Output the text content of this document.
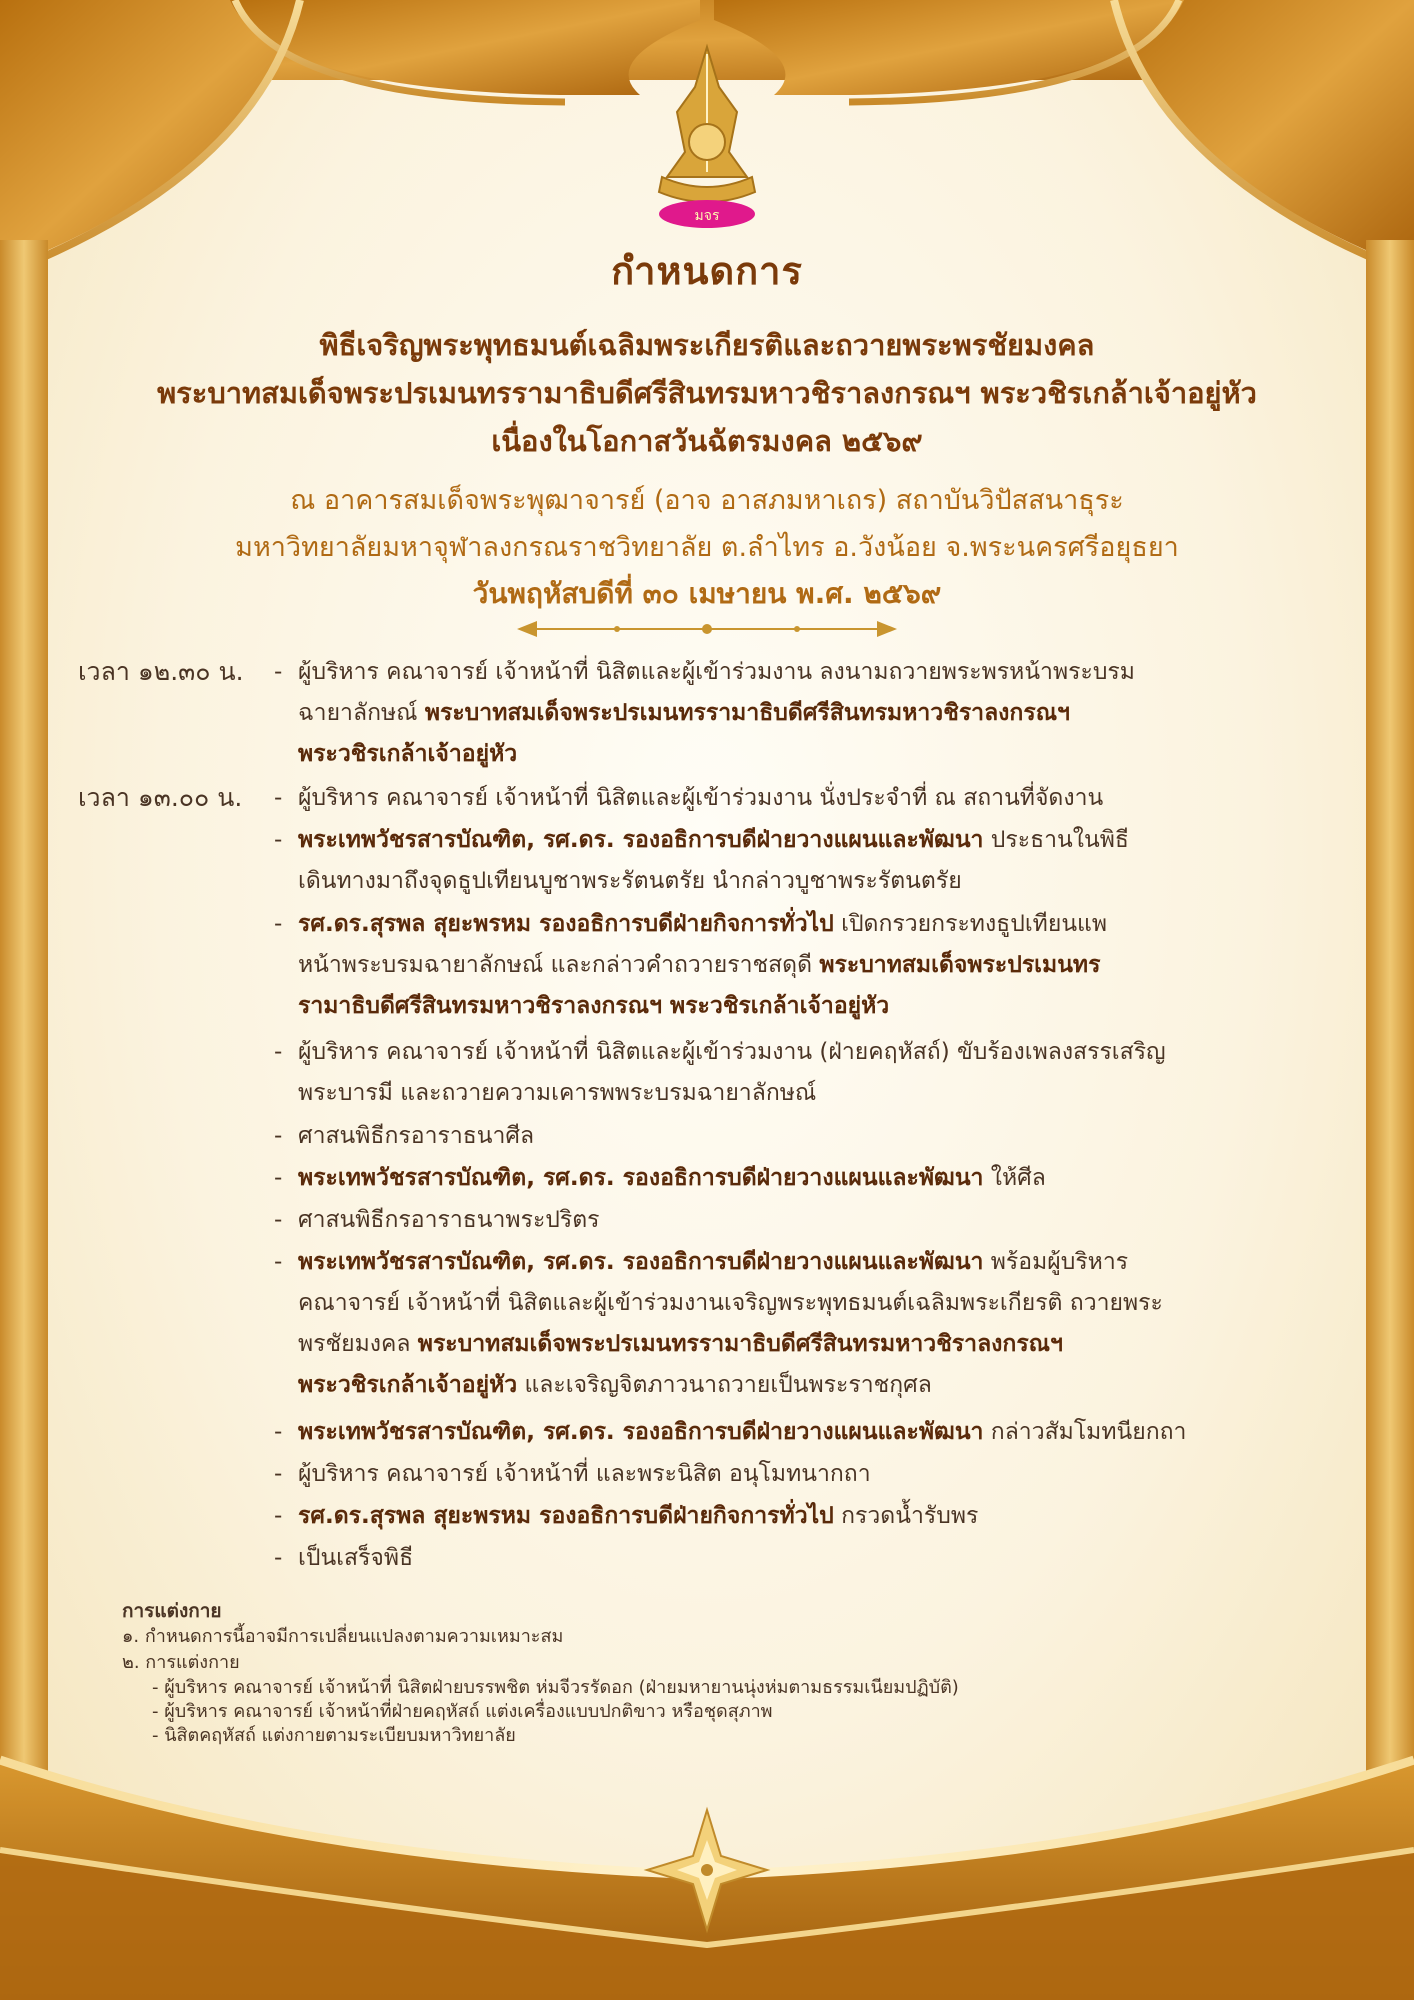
มจร
กำหนดการ
พิธีเจริญพระพุทธมนต์เฉลิมพระเกียรติและถวายพระพรชัยมงคล
พระบาทสมเด็จพระปรเมนทรรามาธิบดีศรีสินทรมหาวชิราลงกรณฯ พระวชิรเกล้าเจ้าอยู่หัว
เนื่องในโอกาสวันฉัตรมงคล ๒๕๖๙
ณ อาคารสมเด็จพระพุฒาจารย์ (อาจ อาสภมหาเถร) สถาบันวิปัสสนาธุระ
มหาวิทยาลัยมหาจุฬาลงกรณราชวิทยาลัย ต.ลำไทร อ.วังน้อย จ.พระนครศรีอยุธยา
วันพฤหัสบดีที่ ๓๐ เมษายน พ.ศ. ๒๕๖๙
เวลา ๑๒.๓๐ น.	- ผู้บริหาร คณาจารย์ เจ้าหน้าที่ นิสิตและผู้เข้าร่วมงาน ลงนามถวายพระพรหน้าพระบรม
ฉายาลักษณ์ พระบาทสมเด็จพระปรเมนทรรามาธิบดีศรีสินทรมหาวชิราลงกรณฯ
พระวชิรเกล้าเจ้าอยู่หัว
เวลา ๑๓.๐๐ น.	- ผู้บริหาร คณาจารย์ เจ้าหน้าที่ นิสิตและผู้เข้าร่วมงาน นั่งประจำที่ ณ สถานที่จัดงาน
- พระเทพวัชรสารบัณฑิต, รศ.ดร. รองอธิการบดีฝ่ายวางแผนและพัฒนา ประธานในพิธี
เดินทางมาถึงจุดธูปเทียนบูชาพระรัตนตรัย นำกล่าวบูชาพระรัตนตรัย
- รศ.ดร.สุรพล สุยะพรหม รองอธิการบดีฝ่ายกิจการทั่วไป เปิดกรวยกระทงธูปเทียนแพ
หน้าพระบรมฉายาลักษณ์ และกล่าวคำถวายราชสดุดี พระบาทสมเด็จพระปรเมนทร
รามาธิบดีศรีสินทรมหาวชิราลงกรณฯ พระวชิรเกล้าเจ้าอยู่หัว
- ผู้บริหาร คณาจารย์ เจ้าหน้าที่ นิสิตและผู้เข้าร่วมงาน (ฝ่ายคฤหัสถ์) ขับร้องเพลงสรรเสริญ
พระบารมี และถวายความเคารพพระบรมฉายาลักษณ์
- ศาสนพิธีกรอาราธนาศีล
- พระเทพวัชรสารบัณฑิต, รศ.ดร. รองอธิการบดีฝ่ายวางแผนและพัฒนา ให้ศีล
- ศาสนพิธีกรอาราธนาพระปริตร
- พระเทพวัชรสารบัณฑิต, รศ.ดร. รองอธิการบดีฝ่ายวางแผนและพัฒนา พร้อมผู้บริหาร
คณาจารย์ เจ้าหน้าที่ นิสิตและผู้เข้าร่วมงานเจริญพระพุทธมนต์เฉลิมพระเกียรติ ถวายพระ
พรชัยมงคล พระบาทสมเด็จพระปรเมนทรรามาธิบดีศรีสินทรมหาวชิราลงกรณฯ
พระวชิรเกล้าเจ้าอยู่หัว และเจริญจิตภาวนาถวายเป็นพระราชกุศล
- พระเทพวัชรสารบัณฑิต, รศ.ดร. รองอธิการบดีฝ่ายวางแผนและพัฒนา กล่าวสัมโมทนียกถา
- ผู้บริหาร คณาจารย์ เจ้าหน้าที่ และพระนิสิต อนุโมทนากถา
- รศ.ดร.สุรพล สุยะพรหม รองอธิการบดีฝ่ายกิจการทั่วไป กรวดน้ำรับพร
- เป็นเสร็จพิธี
การแต่งกาย
๑. กำหนดการนี้อาจมีการเปลี่ยนแปลงตามความเหมาะสม
๒. การแต่งกาย
- ผู้บริหาร คณาจารย์ เจ้าหน้าที่ นิสิตฝ่ายบรรพชิต ห่มจีวรรัดอก (ฝ่ายมหายานนุ่งห่มตามธรรมเนียมปฏิบัติ)
- ผู้บริหาร คณาจารย์ เจ้าหน้าที่ฝ่ายคฤหัสถ์ แต่งเครื่องแบบปกติขาว หรือชุดสุภาพ
- นิสิตคฤหัสถ์ แต่งกายตามระเบียบมหาวิทยาลัย
